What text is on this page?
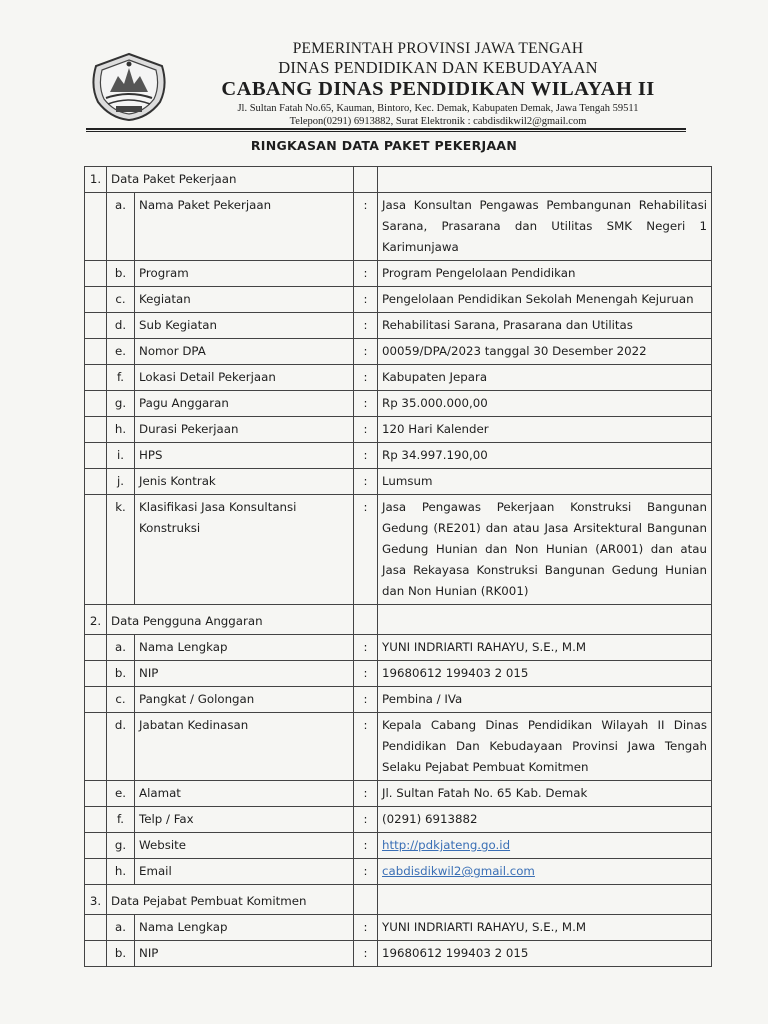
PEMERINTAH PROVINSI JAWA TENGAH
DINAS PENDIDIKAN DAN KEBUDAYAAN
CABANG DINAS PENDIDIKAN WILAYAH II
Jl. Sultan Fatah No.65, Kauman, Bintoro, Kec. Demak, Kabupaten Demak, Jawa Tengah 59511
Telepon(0291) 6913882, Surat Elektronik : cabdisdikwil2@gmail.com
RINGKASAN DATA PAKET PEKERJAAN
1.	Data Paket Pekerjaan			
	a.	Nama Paket Pekerjaan	:	Jasa Konsultan Pengawas Pembangunan Rehabilitasi Sarana, Prasarana dan Utilitas SMK Negeri 1 Karimunjawa
	b.	Program	:	Program Pengelolaan Pendidikan
	c.	Kegiatan	:	Pengelolaan Pendidikan Sekolah Menengah Kejuruan
	d.	Sub Kegiatan	:	Rehabilitasi Sarana, Prasarana dan Utilitas
	e.	Nomor DPA	:	00059/DPA/2023 tanggal 30 Desember 2022
	f.	Lokasi Detail Pekerjaan	:	Kabupaten Jepara
	g.	Pagu Anggaran	:	Rp 35.000.000,00
	h.	Durasi Pekerjaan	:	120 Hari Kalender
	i.	HPS	:	Rp 34.997.190,00
	j.	Jenis Kontrak	:	Lumsum
	k.	Klasifikasi Jasa Konsultansi Konstruksi	:	Jasa Pengawas Pekerjaan Konstruksi Bangunan Gedung (RE201) dan atau Jasa Arsitektural Bangunan Gedung Hunian dan Non Hunian (AR001) dan atau Jasa Rekayasa Konstruksi Bangunan Gedung Hunian dan Non Hunian (RK001)
2.	Data Pengguna Anggaran			
	a.	Nama Lengkap	:	YUNI INDRIARTI RAHAYU, S.E., M.M
	b.	NIP	:	19680612 199403 2 015
	c.	Pangkat / Golongan	:	Pembina / IVa
	d.	Jabatan Kedinasan	:	Kepala Cabang Dinas Pendidikan Wilayah II Dinas Pendidikan Dan Kebudayaan Provinsi Jawa Tengah Selaku Pejabat Pembuat Komitmen
	e.	Alamat	:	Jl. Sultan Fatah No. 65 Kab. Demak
	f.	Telp / Fax	:	(0291) 6913882
	g.	Website	:	http://pdkjateng.go.id
	h.	Email	:	cabdisdikwil2@gmail.com
3.	Data Pejabat Pembuat Komitmen			
	a.	Nama Lengkap	:	YUNI INDRIARTI RAHAYU, S.E., M.M
	b.	NIP	:	19680612 199403 2 015
